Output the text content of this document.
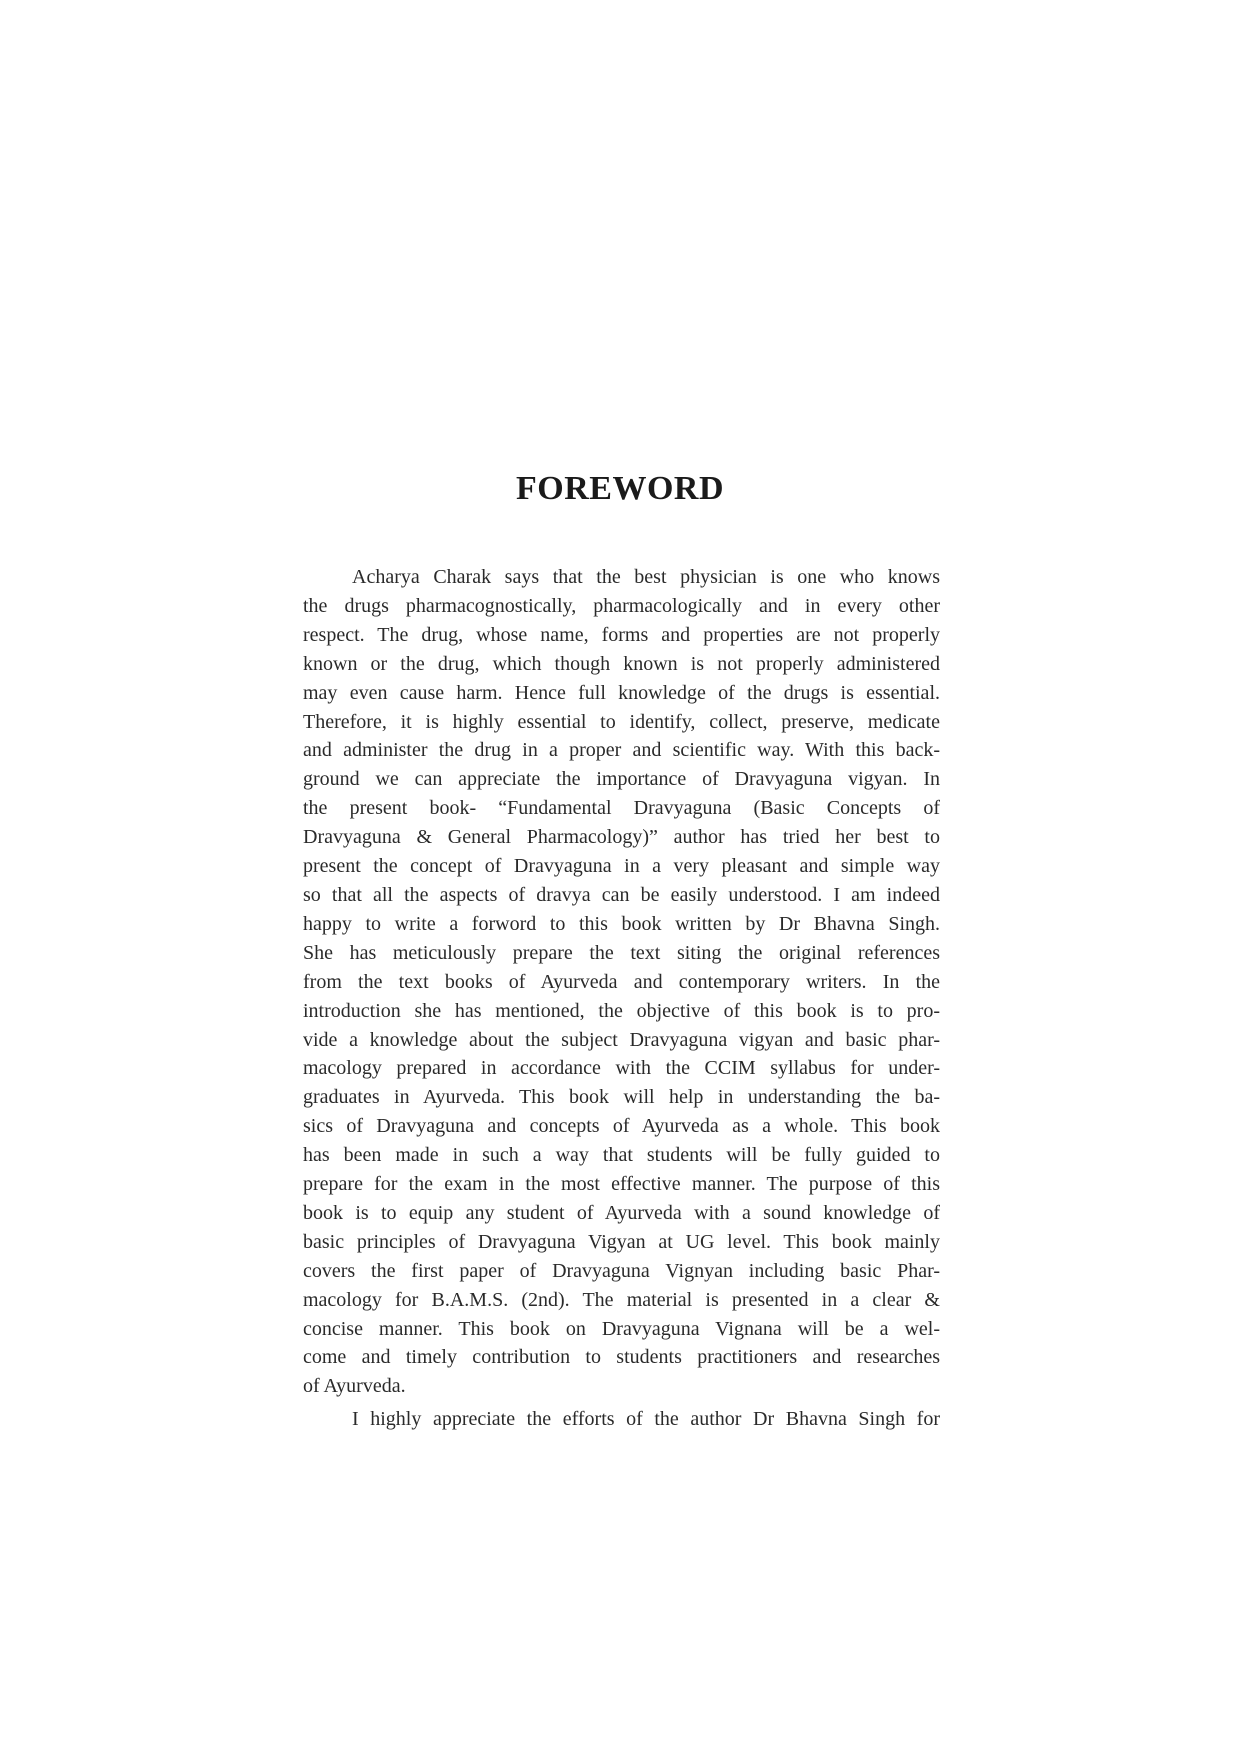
FOREWORD
Acharya Charak says that the best physician is one who knows
the drugs pharmacognostically, pharmacologically and in every other
respect. The drug, whose name, forms and properties are not properly
known or the drug, which though known is not properly administered
may even cause harm. Hence full knowledge of the drugs is essential.
Therefore, it is highly essential to identify, collect, preserve, medicate
and administer the drug in a proper and scientific way. With this back-
ground we can appreciate the importance of Dravyaguna vigyan. In
the present book- “Fundamental Dravyaguna (Basic Concepts of
Dravyaguna & General Pharmacology)” author has tried her best to
present the concept of Dravyaguna in a very pleasant and simple way
so that all the aspects of dravya can be easily understood. I am indeed
happy to write a forword to this book written by Dr Bhavna Singh.
She has meticulously prepare the text siting the original references
from the text books of Ayurveda and contemporary writers. In the
introduction she has mentioned, the objective of this book is to pro-
vide a knowledge about the subject Dravyaguna vigyan and basic phar-
macology prepared in accordance with the CCIM syllabus for under-
graduates in Ayurveda. This book will help in understanding the ba-
sics of Dravyaguna and concepts of Ayurveda as a whole. This book
has been made in such a way that students will be fully guided to
prepare for the exam in the most effective manner. The purpose of this
book is to equip any student of Ayurveda with a sound knowledge of
basic principles of Dravyaguna Vigyan at UG level. This book mainly
covers the first paper of Dravyaguna Vignyan including basic Phar-
macology for B.A.M.S. (2nd). The material is presented in a clear &
concise manner. This book on Dravyaguna Vignana will be a wel-
come and timely contribution to students practitioners and researches
of Ayurveda.
I highly appreciate the efforts of the author Dr Bhavna Singh for
